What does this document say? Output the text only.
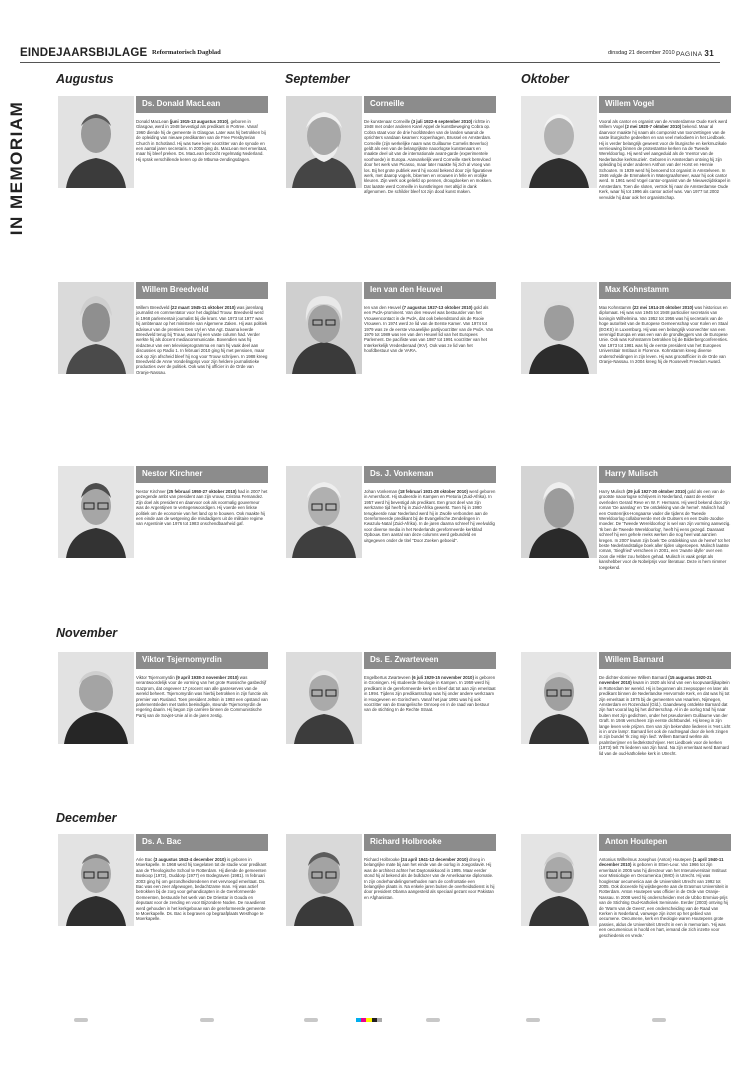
EINDEJAARSBIJLAGE Reformatorisch Dagblad	dinsdag 21 december 2010 PAGINA 31
IN MEMORIAM
Augustus	September	Oktober
November
December
Ds. Donald MacLean
Donald MacLean (juni 1915-13 augustus 2010), geboren in Glasgow, werd in 1948 bevestigd als predikant in Portree. Vanaf 1960 diende hij de gemeente in Glasgow. Later was hij betrokken bij de opleiding van nieuwe predikanten van de Free Presbyterian Church in Schotland. Hij was twee keer voorzitter van de synode en een aantal jaren secretaris. In 2000 ging ds. MacLean met emeritaat, maar hij bleef preken. Ds. MacLean bezocht regelmatig Nederland. Hij sprak verschillende keren op de Mbuma-zendingsdagen.
Corneille
De kunstenaar Corneille (3 juli 1922-6 september 2010) richtte in 1948 met onder anderen Karel Appel de kunstbeweging Cobra op. Cobra staat voor de drie hoofdsteden van de landen waaruit de oprichters vandaan kwamen: Kopenhagen, Brussel en Amsterdam. Corneille (zijn werkelijke naam was Guillaume Cornelis Beverloo) geldt als een van de belangrijkste naoorlogse kunstenaars en maakte deel uit van de internationale avant-garde (experimentele voorhoede) in Europa. Aanvankelijk werd Corneille sterk beïnvloed door het werk van Picasso, maar later maakte hij zich al vroeg van los. Bij het grote publiek werd hij vooral bekend door zijn figuratieve werk, met daarop vogels, bloemen en vrouwen in felle en vrolijke kleuren. Zijn werk ook geliefd op pennen, droogdoeken en mokken. Dat laatste werd Corneille in kunstkringen met altijd in dank afgenomen. De schilder bleef tot zijn dood kunst maken.
Willem Vogel
Vooral als cantor en organist van de Amsterdamse Oude Kerk werd Willem Vogel (2 mei 1920-7 oktober 2010) bekend. Maar al daarvoor maakte hij naam als componist van toonzettingen van de vaste liturgische gedeelten en van veel melodieën in het Liedboek. Hij is verder belangrijk geweest voor de liturgische en kerkmuzikale vernieuwing binnen de protestantse kerken na de Tweede Wereldoorlog. Hij werd wel aangeduid als de 'mentor van de Nederlandse kerkmuziek'. Geboren in Amsterdam ontving hij zijn opleiding bij onder anderen Anthon van der Horst en Hennie Schouten. In 1939 werd hij benoemd tot organist in Amstelveen. In 1946 volgde de Emmakerk in Watergraafsmeer, waar hij ook cantor werd. In 1961 werd Vogel cantor-organist van de Nieuwezijdskapel in Amsterdam. Toen die sloten, vertrok hij naar de Amsterdamse Oude Kerk, waar hij tot 1996 als cantor actief was. Van 1977 tot 2002 vervulde hij daar ook het organistschap.
Willem Breedveld
Willem Breedveld (22 maart 1945-11 oktober 2010) was jarenlang journalist en commentator voor het dagblad Trouw. Breedveld werd in 1968 parlementair journalist bij die krant. Van 1973 tot 1977 was hij ambtenaar op het ministerie van Algemene Zaken. Hij was politiek adviseur van de premiers Den Uyl en Van Agt. Daarna keerde Breedveld terug bij Trouw, waar hij een vaste column had. Verder werkte hij als docent mediacommunicatie. Bovendien was hij redacteur van een televisieprogramma en nam hij vaak deel aan discussies op Radio 1. In februari 2010 ging hij met pensioen, maar ook op zijn afscheid bleef hij nog voor Trouw schrijven. In 1988 kreeg Breedveld de Anne Vondelingprijs voor zijn heldere journalistieke producties over de politiek. Ook was hij officier in de Orde van Oranje-Nassau.
Ien van den Heuvel
Ien van den Heuvel (7 augustus 1927-13 oktober 2010) gold als een PvdA-prominent. Van den Heuvel was bestuurder van het Vrouwencontact in de PvdA, dat ook bekendstond als de Rooie Vrouwen. In 1974 werd ze lid van de Eerste Kamer. Van 1974 tot 1979 was ze de eerste vrouwelijke partijvoorzitter van de PvdA. Van 1979 tot 1989 was Ien van den Heuvel lid van het Europees Parlement. De pacifiste was van 1987 tot 1991 voorzitter van het Interkerkelijk Vredesberaad (IKV). Ook was ze lid van het hoofdbestuur van de VARA.
Max Kohnstamm
Max Kohnstamm (22 mei 1914-20 oktober 2010) was historicus en diplomaat. Hij was van 1945 tot 1948 particulier secretaris van koningin Wilhelmina. Van 1952 tot 1956 was hij secretaris van de hoge autoriteit van de Europese Gemeenschap voor Kolen en Staal (EGKS) in Luxemburg. Hij was een belangrijk voorvechter van een verenigd Europa en was een van de grondleggers van de Europese Unie. Ook was Kohnstamm betrokken bij de Bilderbergconferenties. Van 1973 tot 1981 was hij de eerste president van het Europees Universitair Instituut in Florence. Kohnstamm kreeg diverse onderscheidingen in zijn leven. Hij was grootofficier in de Orde van Oranje-Nassau. In 2004 kreeg hij de Roosevelt Freedom Award.
Nestor Kirchner
Nestor Kirchner (25 februari 1950-27 oktober 2010) had in 2007 het gezegende ambt van president aan zijn vrouw, Cristina Fernandez. Zijn doel als president en daarvoor ook als voormalig gouverneur was de Argentijnen te vertegenwoordigen. Hij voerde een linkse politiek om de economie van het land op te bouwen. Ook maakte hij een einde aan de wetgeving die misdadigers uit de militaire regime van Argentinië van 1976 tot 1983 onschendbaarheid gaf.
Ds. J. Vonkeman
Johan Vonkeman (18 februari 1931-28 oktober 2010) werd geboren in Amersfoort. Hij studeerde in Kampen en Pretoria (Zuid-Afrika). In 1957 werd hij bevestigd als predikant. Een groot deel van zijn werkzame tijd heeft hij in Zuid-Afrika gewerkt. Toen hij in 1990 terugkeerde naar Nederland werd hij in Zwolle verbonden aan de Gereformeerde predikant bij de Evangelische Zendelingen in Kwazulu-Natal (Zuid-Afrika). In de jaren daarna schreef hij veelvuldig voor diverse media in het Nederlands gereformeerde kerkblad Opbouw. Een aantal van deze columns werd gebundeld en uitgegeven onder de titel "Door Zoeken geboeid".
Harry Mulisch
Harry Mulisch (29 juli 1927-30 oktober 2010) gold als een van de grootste naoorlogse schrijvers in Nederland, naast de eerder overleden Gerard Reve en W. F. Hermans. Hij werd bekend door zijn roman 'De aanslag' en 'De ontdekking van de hemel'. Mulisch had een Oostenrijks-Hongaarse vader die tijdens de Tweede Wereldoorlog collaboreerde met de Duitsers en een Duits-Joodse moeder. De 'Tweede Wereldoorlog' is wel van zijn vorming aanwezig. 'Ik ben de Tweede Wereldoorlog', heeft hij eens gezegd. Daaraast schreef hij een gehele reeks werken die nog heel wat aanzien kregen. In 2007 kwam zijn boek 'De ontdekking van de hemel' tot het beste Nederlandstalige boek aller tijden uitgeroepen. Mulisch laatste roman, 'Siegfried' verscheen in 2001, een 'zwarte idylle' over een zoon die Hitler zou hebben gehad. Mulisch is vaak getipt als kanshebber voor de Nobelprijs voor literatuur. Deze is hem nimmer toegekend.
Viktor Tsjernomyrdin
Viktor Tsjernomyrdin (9 april 1938-3 november 2010) was verantwoordelijk voor de vorming van het grote Russische gasbedrijf Gazprom, dat ongeveer 17 procent van alle gasreserves van de wereld beheert. Tsjernomyrdin was hierbij betrokken in zijn functie als premier van Rusland. Toen president Jeltsin in 1993 een opstand van parlementsleden met tanks beëindigde, steunde Tsjernomyrdin de regering daarin. Hij begon zijn carrière binnen de Communistische Partij van de Sovjet-Unie al in de jaren zestig.
Ds. E. Zwarteveen
Engelbertus Zwarteveen (6 juli 1929-15 november 2010) is geboren in Groningen. Hij studeerde theologie in Kampen. In 1959 werd hij predikant in de gereformeerde kerk en bleef dat tot aan zijn emeritaat in 1994. Tijdens zijn predikantschap was hij onder andere werkzaam in Hoogeveen en Gorinchem. Vanaf het jaar 1991 was hij ook voorzitter van de Evangelische Omroep en in de raad van bestuur van de stichting In de Rechte Straat.
Willem Barnard
De dichter-dominee Willem Barnard (15 augustus 1920-21 november 2010) kwam in 1920 als kind van een koopvaardijkapitein in Rotterdam ter wereld. Hij is begonnen als zeepsopper en later als predikant binnen de Nederlandse Hervormde Kerk, en dat was hij tot zijn emeritaat in 1975 bij de gemeenten van Haarlem, Nijmegen, Amsterdam en Rozendaal (Gld.). Gaandeweg ontdekte Barnard dat zijn hart vooral lag bij het dichterschap. Al in de oorlog trad hij naar buiten met zijn gedichten, onder het pseudoniem Guillaume van der Graft. In 1946 verscheen zijn eerste dichtbundel. Hij kreeg in zijn lange leven vele prijzen. Een van zijn bekendste liederen is 'Het Licht is in onze lamp'. Barnard liet ook de nachtegaal door de kerk zingen in zijn bundel 'Ik zing mijn lied'. Willem Barnard werkte als psalmberijmer en liedtekstschrijver. Het Liedboek voor de kerken (1973) telt 76 liederen van zijn hand. Na zijn emeritaat werd Barnard lid van de oud-katholieke kerk in Utrecht.
Ds. A. Bac
Arie Bac (3 augustus 1943-4 december 2010) is geboren in Moerkapelle. In 1968 werd hij toegelaten tot de studie voor predikant aan de Theologische School te Rotterdam. Hij diende de gemeenten Boskoop (1972), Ouddorp (1977) en Bodegraven (1981). In februari 2003 ging hij om gezondheidsredenen met vervroegd emeritaat. Ds. Bac was een zeer afgewogen, bedachtzame man. Hij was actief betrokken bij de zorg voor gehandicapten in de Gereformeerde Gemeenten, bestuurde het werk van De Driestar in Gouda en deputaat voor de zending en voor Bijzondere Noden. De rouwdienst werd gehouden in het kerkgebouw van de gereformeerde gemeente te Moerkapelle. Ds. Bac is begraven op begraafplaats Westhoge te Moerkapelle.
Richard Holbrooke
Richard Holbrooke (24 april 1941-13 december 2010) droeg in belangrijke mate bij aan het einde van de oorlog in Joegoslavië. Hij was de architect achter het Daytonakkoord in 1995. Maar eerder stond hij al bekend als de bulldozer van de Amerikaanse diplomatie. In zijn onderhandelingsmethoden nam de confrontatie een belangrijke plaats in. Na enkele jaren buiten de overheidsdienst is hij door president Obama aangesteld als speciaal gezant voor Pakistan en Afghanistan.
Anton Houtepen
Antonius Wilhelmus Josephus (Anton) Houtepen (1 april 1940-11 december 2010) is geboren in Etten-Leur. Van 1966 tot zijn emeritaat in 2005 was hij directeur van het Interuniversitair Instituut voor Missiologie en Oecumenica (IIMO) in Utrecht. Hij was hoogleraar oecumenica aan de Universiteit Utrecht van 1992 tot 2005. Ook doceerde hij wijsbegeerte aan de Erasmus Universiteit in Rotterdam. Anton Houtepen was officier in de Orde van Oranje-Nassau. In 2008 werd hij onderscheiden met de Ubbo Emmius-prijs van de Stichting Oud-Katholiek Seminarie. Eerder (2003) ontving hij de 'Warm van de Geest', een onderscheiding van de Raad van Kerken in Nederland, vanwege zijn inzet op het gebied van oecumene. Oecumene, kerk en theologie waren Houtepens grote passies, aldus de Universiteit Utrecht in een in memoriam. 'Hij was een oecumenicus in hoofd en hart, iemand die zich inzette voor geschiedenis en vrede.'
